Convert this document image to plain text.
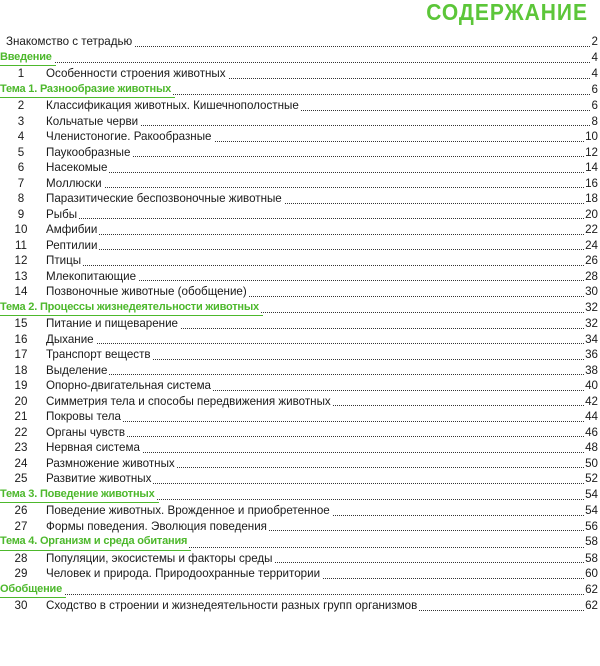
СОДЕРЖАНИЕ
Знакомство с тетрадью	2
Введение	4
1	Особенности строения животных	4
Тема 1. Разнообразие животных	6
2	Классификация животных. Кишечнополостные	6
3	Кольчатые черви	8
4	Членистоногие. Ракообразные	10
5	Паукообразные	12
6	Насекомые	14
7	Моллюски	16
8	Паразитические беспозвоночные животные	18
9	Рыбы	20
10	Амфибии	22
11	Рептилии	24
12	Птицы	26
13	Млекопитающие	28
14	Позвоночные животные (обобщение)	30
Тема 2. Процессы жизнедеятельности животных	32
15	Питание и пищеварение	32
16	Дыхание	34
17	Транспорт веществ	36
18	Выделение	38
19	Опорно-двигательная система	40
20	Симметрия тела и способы передвижения животных	42
21	Покровы тела	44
22	Органы чувств	46
23	Нервная система	48
24	Размножение животных	50
25	Развитие животных	52
Тема 3. Поведение животных	54
26	Поведение животных. Врожденное и приобретенное	54
27	Формы поведения. Эволюция поведения	56
Тема 4. Организм и среда обитания	58
28	Популяции, экосистемы и факторы среды	58
29	Человек и природа. Природоохранные территории	60
Обобщение	62
30	Сходство в строении и жизнедеятельности разных групп организмов	62
